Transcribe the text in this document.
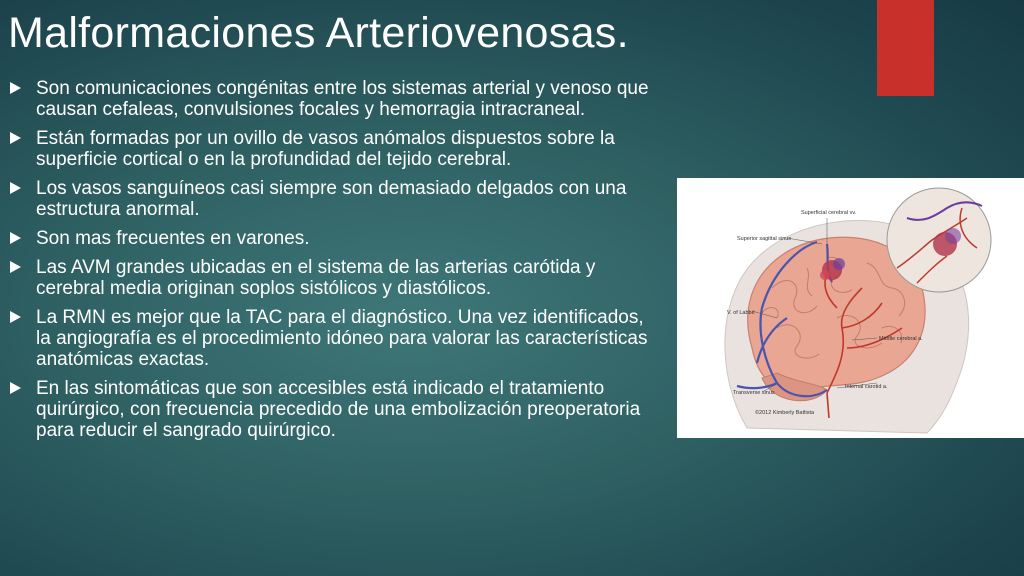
Malformaciones Arteriovenosas.
Son comunicaciones congénitas entre los sistemas arterial y venoso que causan cefaleas, convulsiones focales y hemorragia intracraneal.
Están formadas por un ovillo de vasos anómalos dispuestos sobre la superficie cortical o en la profundidad del tejido cerebral.
Los vasos sanguíneos casi siempre son demasiado delgados con una estructura anormal.
Son mas frecuentes en varones.
Las AVM grandes ubicadas en el sistema de las arterias carótida y cerebral media originan soplos sistólicos y diastólicos.
La RMN es mejor que la TAC para el diagnóstico. Una vez identificados, la angiografía es el procedimiento idóneo para valorar las características anatómicas exactas.
En las sintomáticas que son accesibles está indicado el tratamiento quirúrgico, con frecuencia precedido de una embolización preoperatoria para reducir el sangrado quirúrgico.
Superficial cerebral vv.
Superior sagittal sinus
V. of Labbé
Transverse sinus
Internal carotid a.
Middle cerebral a.
©2012 Kimberly Battista
